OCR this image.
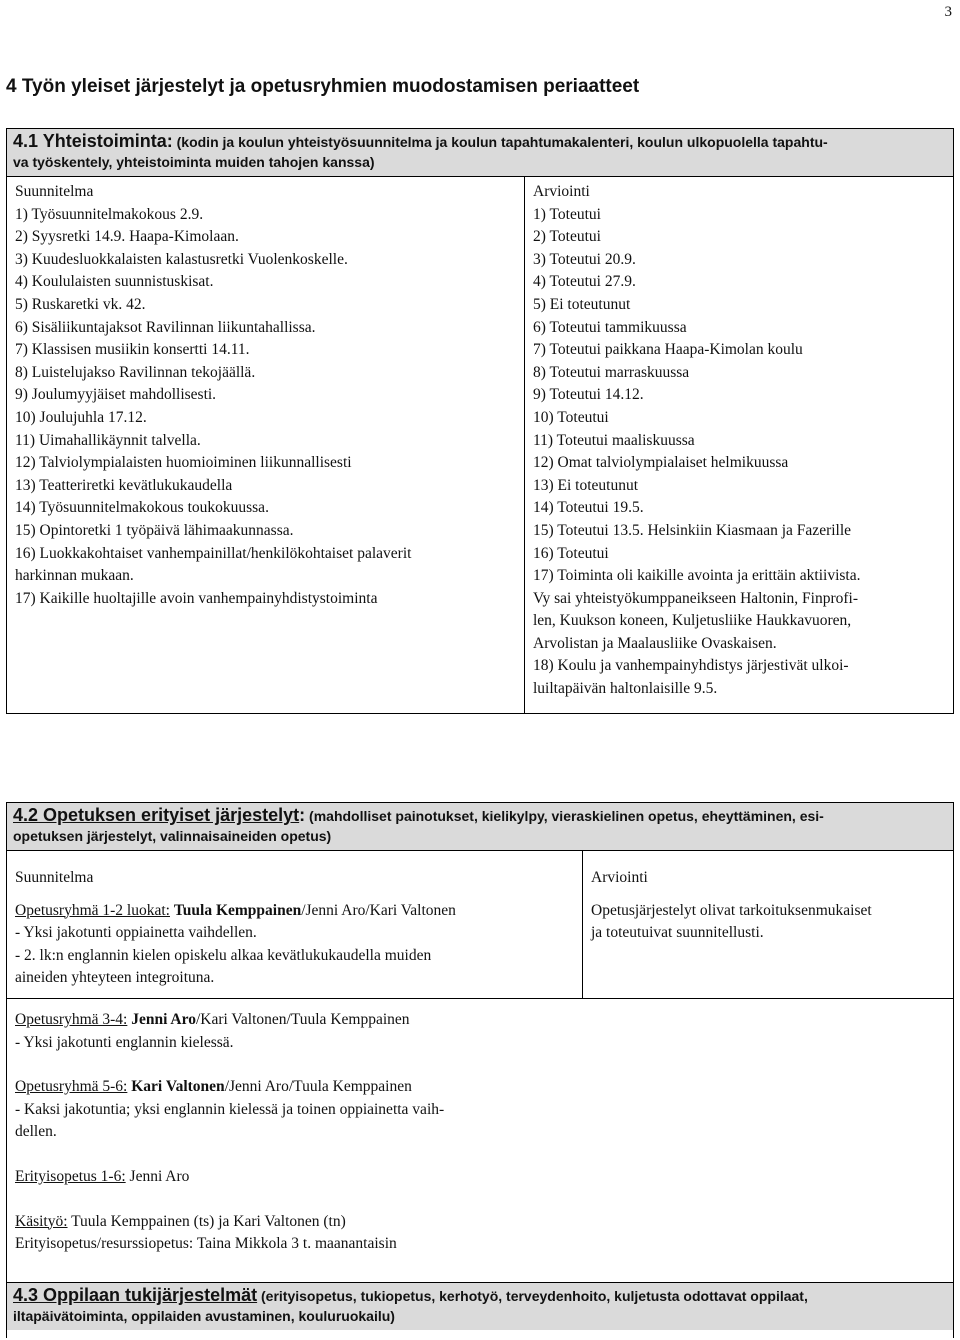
3
4 Työn yleiset järjestelyt ja opetusryhmien muodostamisen periaatteet
4.1 Yhteistoiminta: (kodin ja koulun yhteistyösuunnitelma ja koulun tapahtumakalenteri, koulun ulkopuolella tapahtu-
va työskentely, yhteistoiminta muiden tahojen kanssa)
Suunnitelma
1) Työsuunnitelmakokous 2.9.
2) Syysretki 14.9. Haapa-Kimolaan.
3) Kuudesluokkalaisten kalastusretki Vuolenkoskelle.
4) Koululaisten suunnistuskisat.
5) Ruskaretki vk. 42.
6) Sisäliikuntajaksot Ravilinnan liikuntahallissa.
7) Klassisen musiikin konsertti 14.11.
8) Luistelujakso Ravilinnan tekojäällä.
9) Joulumyyjäiset mahdollisesti.
10) Joulujuhla 17.12.
11) Uimahallikäynnit talvella.
12) Talviolympialaisten huomioiminen liikunnallisesti
13) Teatteriretki kevätlukukaudella
14) Työsuunnitelmakokous toukokuussa.
15) Opintoretki 1 työpäivä lähimaakunnassa.
16) Luokkakohtaiset vanhempainillat/henkilökohtaiset palaverit
harkinnan mukaan.
17) Kaikille huoltajille avoin vanhempainyhdistystoiminta
Arviointi
1) Toteutui
2) Toteutui
3) Toteutui 20.9.
4) Toteutui 27.9.
5) Ei toteutunut
6) Toteutui tammikuussa
7) Toteutui paikkana Haapa-Kimolan koulu
8) Toteutui marraskuussa
9) Toteutui 14.12.
10) Toteutui
11) Toteutui maaliskuussa
12) Omat talviolympialaiset helmikuussa
13) Ei toteutunut
14) Toteutui 19.5.
15) Toteutui 13.5. Helsinkiin Kiasmaan ja Fazerille
16) Toteutui
17) Toiminta oli kaikille avointa ja erittäin aktiivista.
Vy sai yhteistyökumppaneikseen Haltonin, Finprofi-
len, Kuukson koneen, Kuljetusliike Haukkavuoren,
Arvolistan ja Maalausliike Ovaskaisen.
18) Koulu ja vanhempainyhdistys järjestivät ulkoi-
luiltapäivän haltonlaisille 9.5.
4.2 Opetuksen erityiset järjestelyt: (mahdolliset painotukset, kielikylpy, vieraskielinen opetus, eheyttäminen, esi-
opetuksen järjestelyt, valinnaisaineiden opetus)
Suunnitelma
Opetusryhmä 1-2 luokat: Tuula Kemppainen/Jenni Aro/Kari Valtonen
- Yksi jakotunti oppiainetta vaihdellen.
- 2. lk:n englannin kielen opiskelu alkaa kevätlukukaudella muiden
aineiden yhteyteen integroituna.
Arviointi
Opetusjärjestelyt olivat tarkoituksenmukaiset
ja toteutuivat suunnitellusti.
Opetusryhmä 3-4: Jenni Aro/Kari Valtonen/Tuula Kemppainen
- Yksi jakotunti englannin kielessä.
Opetusryhmä 5-6: Kari Valtonen/Jenni Aro/Tuula Kemppainen
- Kaksi jakotuntia; yksi englannin kielessä ja toinen oppiainetta vaih-
dellen.
Erityisopetus 1-6: Jenni Aro
Käsityö: Tuula Kemppainen (ts) ja Kari Valtonen (tn)
Erityisopetus/resurssiopetus: Taina Mikkola 3 t. maanantaisin
4.3 Oppilaan tukijärjestelmät (erityisopetus, tukiopetus, kerhotyö, terveydenhoito, kuljetusta odottavat oppilaat,
iltapäivätoiminta, oppilaiden avustaminen, kouluruokailu)
